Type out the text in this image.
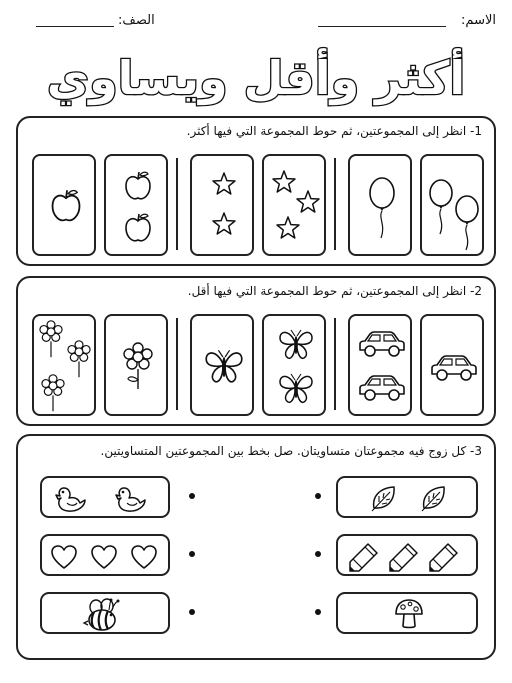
الاسم:
الصف:
أكثر وأقل ويساوي
1- انظر إلى المجموعتين، ثم حوط المجموعة التي فيها أكثر.
2- انظر إلى المجموعتين، ثم حوط المجموعة التي فيها أقل.
3- كل زوج فيه مجموعتان متساويتان. صل بخط بين المجموعتين المتساويتين.
